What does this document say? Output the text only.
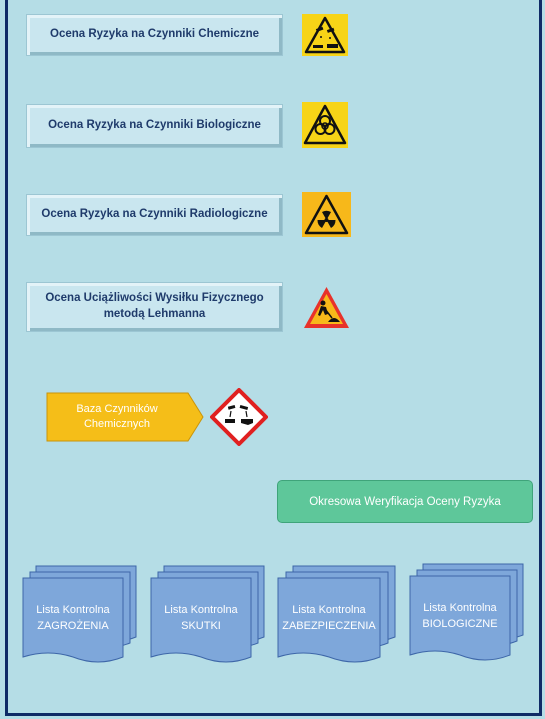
Ocena Ryzyka na Czynniki Chemiczne
Ocena Ryzyka na Czynniki Biologiczne
Ocena Ryzyka na Czynniki Radiologiczne
Ocena Uciążliwości Wysiłku Fizycznego
metodą Lehmanna
Baza Czynników
Chemicznych
Okresowa Weryfikacja Oceny Ryzyka
Lista Kontrolna
ZAGROŻENIA
Lista Kontrolna
SKUTKI
Lista Kontrolna
ZABEZPIECZENIA
Lista Kontrolna
BIOLOGICZNE
